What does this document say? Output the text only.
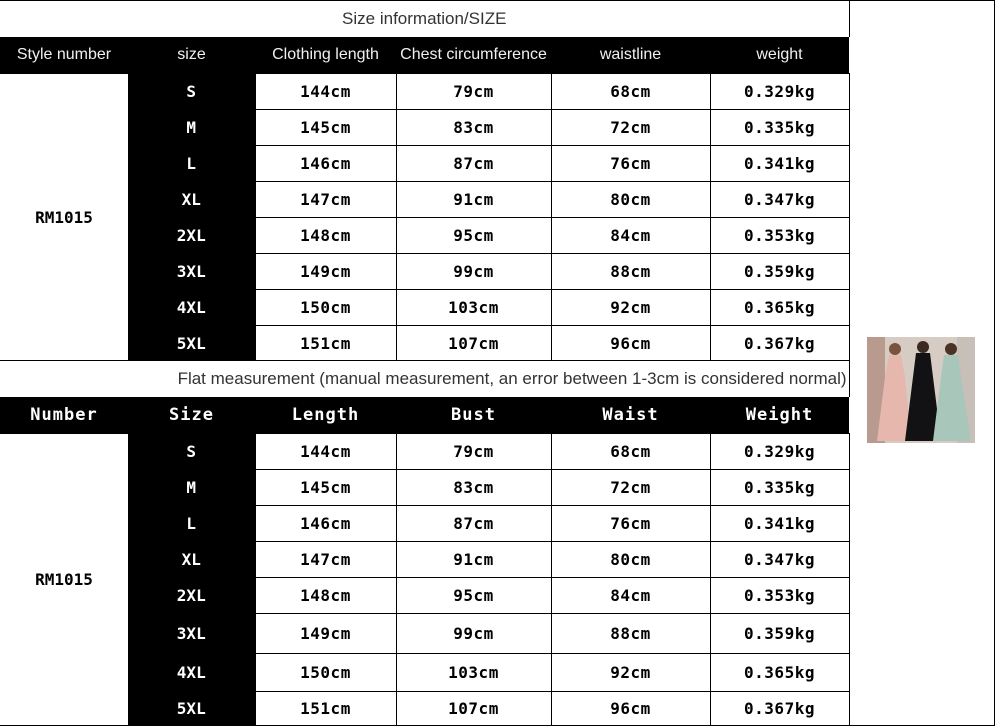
Size information/SIZE					
Style number	size	Clothing length	Chest circumference	waistline	weight
RM1015	S	144cm	79cm	68cm	0.329kg
	M	145cm	83cm	72cm	0.335kg
	L	146cm	87cm	76cm	0.341kg
	XL	147cm	91cm	80cm	0.347kg
	2XL	148cm	95cm	84cm	0.353kg
	3XL	149cm	99cm	88cm	0.359kg
	4XL	150cm	103cm	92cm	0.365kg
	5XL	151cm	107cm	96cm	0.367kg
Flat measurement (manual measurement, an error between 1-3cm is considered normal)					
Number	Size	Length	Bust	Waist	Weight
RM1015	S	144cm	79cm	68cm	0.329kg
	M	145cm	83cm	72cm	0.335kg
	L	146cm	87cm	76cm	0.341kg
	XL	147cm	91cm	80cm	0.347kg
	2XL	148cm	95cm	84cm	0.353kg
	3XL	149cm	99cm	88cm	0.359kg
	4XL	150cm	103cm	92cm	0.365kg
	5XL	151cm	107cm	96cm	0.367kg
